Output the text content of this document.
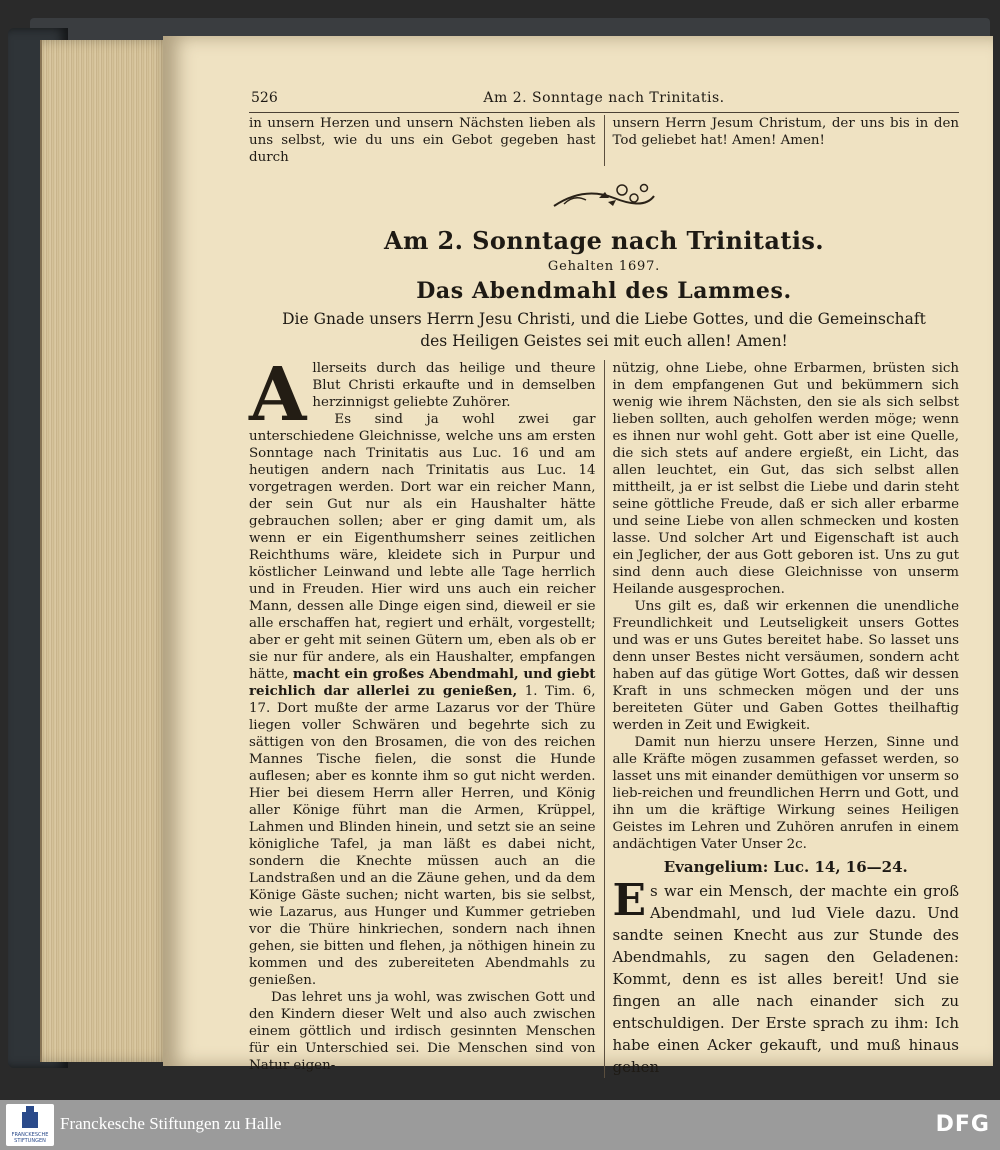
526	Am 2. Sonntage nach Trinitatis.
in unsern Herzen und unsern Nächsten lieben als uns selbst, wie du uns ein Gebot gegeben hast durch
unsern Herrn Jesum Christum, der uns bis in den Tod geliebet hat! Amen! Amen!
Am 2. Sonntage nach Trinitatis.
Gehalten 1697.
Das Abendmahl des Lammes.
Die Gnade unsers Herrn Jesu Christi, und die Liebe Gottes, und die Gemeinschaft des Heiligen Geistes sei mit euch allen! Amen!

Allerseits durch das heilige und theure Blut Christi erkaufte und in demselben herzinnigst geliebte Zuhörer.

Es sind ja wohl zwei gar unterschiedene Gleichnisse, welche uns am ersten Sonntage nach Trinitatis aus Luc. 16 und am heutigen andern nach Trinitatis aus Luc. 14 vorgetragen werden. Dort war ein reicher Mann, der sein Gut nur als ein Haushalter hätte gebrauchen sollen; aber er ging damit um, als wenn er ein Eigenthumsherr seines zeitlichen Reichthums wäre, kleidete sich in Purpur und köstlicher Leinwand und lebte alle Tage herrlich und in Freuden. Hier wird uns auch ein reicher Mann, dessen alle Dinge eigen sind, dieweil er sie alle erschaffen hat, regiert und erhält, vorgestellt; aber er geht mit seinen Gütern um, eben als ob er sie nur für andere, als ein Haushalter, empfangen hätte, macht ein großes Abendmahl, und giebt reichlich dar allerlei zu genießen, 1. Tim. 6, 17. Dort mußte der arme Lazarus vor der Thüre liegen voller Schwären und begehrte sich zu sättigen von den Brosamen, die von des reichen Mannes Tische fielen, die sonst die Hunde auflesen; aber es konnte ihm so gut nicht werden. Hier bei diesem Herrn aller Herren, und König aller Könige führt man die Armen, Krüppel, Lahmen und Blinden hinein, und setzt sie an seine königliche Tafel, ja man läßt es dabei nicht, sondern die Knechte müssen auch an die Landstraßen und an die Zäune gehen, und da dem Könige Gäste suchen; nicht warten, bis sie selbst, wie Lazarus, aus Hunger und Kummer getrieben vor die Thüre hinkriechen, sondern nach ihnen gehen, sie bitten und flehen, ja nöthigen hinein zu kommen und des zubereiteten Abendmahls zu genießen.

Das lehret uns ja wohl, was zwischen Gott und den Kindern dieser Welt und also auch zwischen einem göttlich und irdisch gesinnten Menschen für ein Unterschied sei. Die Menschen sind von Natur eigen-

nützig, ohne Liebe, ohne Erbarmen, brüsten sich in dem empfangenen Gut und bekümmern sich wenig wie ihrem Nächsten, den sie als sich selbst lieben sollten, auch geholfen werden möge; wenn es ihnen nur wohl geht. Gott aber ist eine Quelle, die sich stets auf andere ergießt, ein Licht, das allen leuchtet, ein Gut, das sich selbst allen mittheilt, ja er ist selbst die Liebe und darin steht seine göttliche Freude, daß er sich aller erbarme und seine Liebe von allen schmecken und kosten lasse. Und solcher Art und Eigenschaft ist auch ein Jeglicher, der aus Gott geboren ist. Uns zu gut sind denn auch diese Gleichnisse von unserm Heilande ausgesprochen.

Uns gilt es, daß wir erkennen die unendliche Freundlichkeit und Leutseligkeit unsers Gottes und was er uns Gutes bereitet habe. So lasset uns denn unser Bestes nicht versäumen, sondern acht haben auf das gütige Wort Gottes, daß wir dessen Kraft in uns schmecken mögen und der uns bereiteten Güter und Gaben Gottes theilhaftig werden in Zeit und Ewigkeit.

Damit nun hierzu unsere Herzen, Sinne und alle Kräfte mögen zusammen gefasset werden, so lasset uns mit einander demüthigen vor unserm so lieb-reichen und freundlichen Herrn und Gott, und ihn um die kräftige Wirkung seines Heiligen Geistes im Lehren und Zuhören anrufen in einem andächtigen Vater Unser 2c.

Evangelium: Luc. 14, 16—24.

Es war ein Mensch, der machte ein groß Abendmahl, und lud Viele dazu. Und sandte seinen Knecht aus zur Stunde des Abendmahls, zu sagen den Geladenen: Kommt, denn es ist alles bereit! Und sie fingen an alle nach einander sich zu entschuldigen. Der Erste sprach zu ihm: Ich habe einen Acker gekauft, und muß hinaus gehen

FRANCKESCHE STIFTUNGEN
Franckesche Stiftungen zu Halle	DFG
